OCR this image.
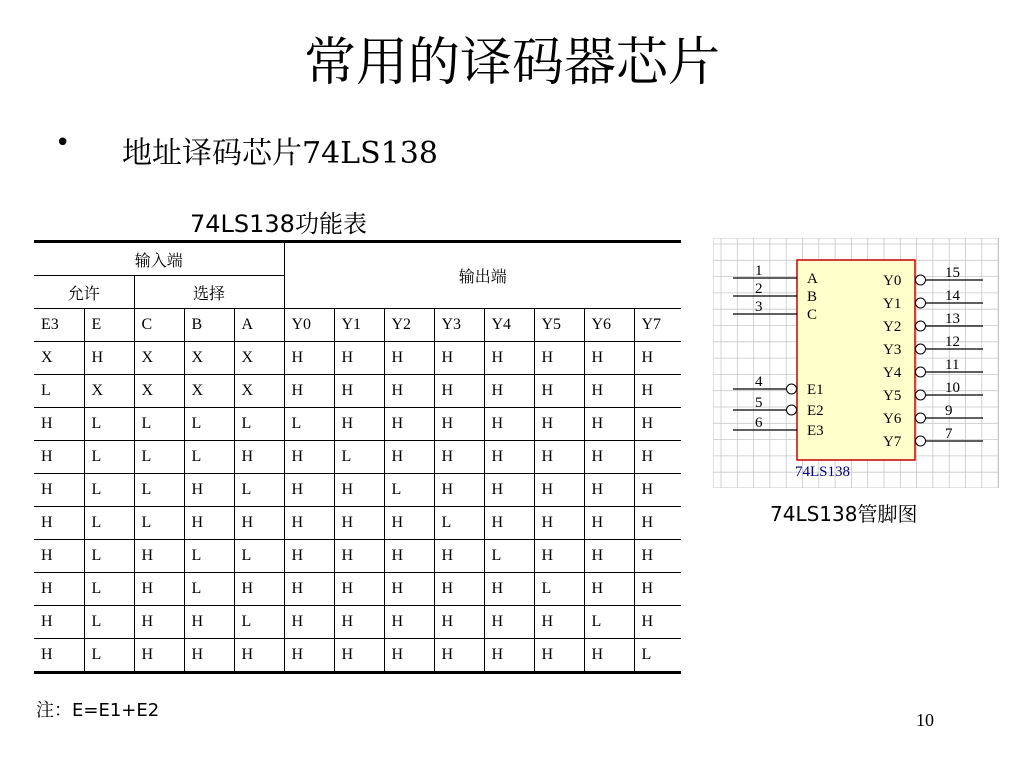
常用的译码器芯片
• 地址译码芯片74LS138
74LS138功能表
输入端					输出端							
允许		选择										
E3	E	C	B	A	Y0	Y1	Y2	Y3	Y4	Y5	Y6	Y7
X	H	X	X	X	H	H	H	H	H	H	H	H
L	X	X	X	X	H	H	H	H	H	H	H	H
H	L	L	L	L	L	H	H	H	H	H	H	H
H	L	L	L	H	H	L	H	H	H	H	H	H
H	L	L	H	L	H	H	L	H	H	H	H	H
H	L	L	H	H	H	H	H	L	H	H	H	H
H	L	H	L	L	H	H	H	H	L	H	H	H
H	L	H	L	H	H	H	H	H	H	L	H	H
H	L	H	H	L	H	H	H	H	H	H	L	H
H	L	H	H	H	H	H	H	H	H	H	H	L
注：E=E1+E2	10
1	A
2	B
3	C
4	E1
5	E2
6	E3
15
Y0
14
Y1
13
Y2
12
Y3
11
Y4
10
Y5
9
Y6
7
Y7
74LS138
74LS138管脚图
